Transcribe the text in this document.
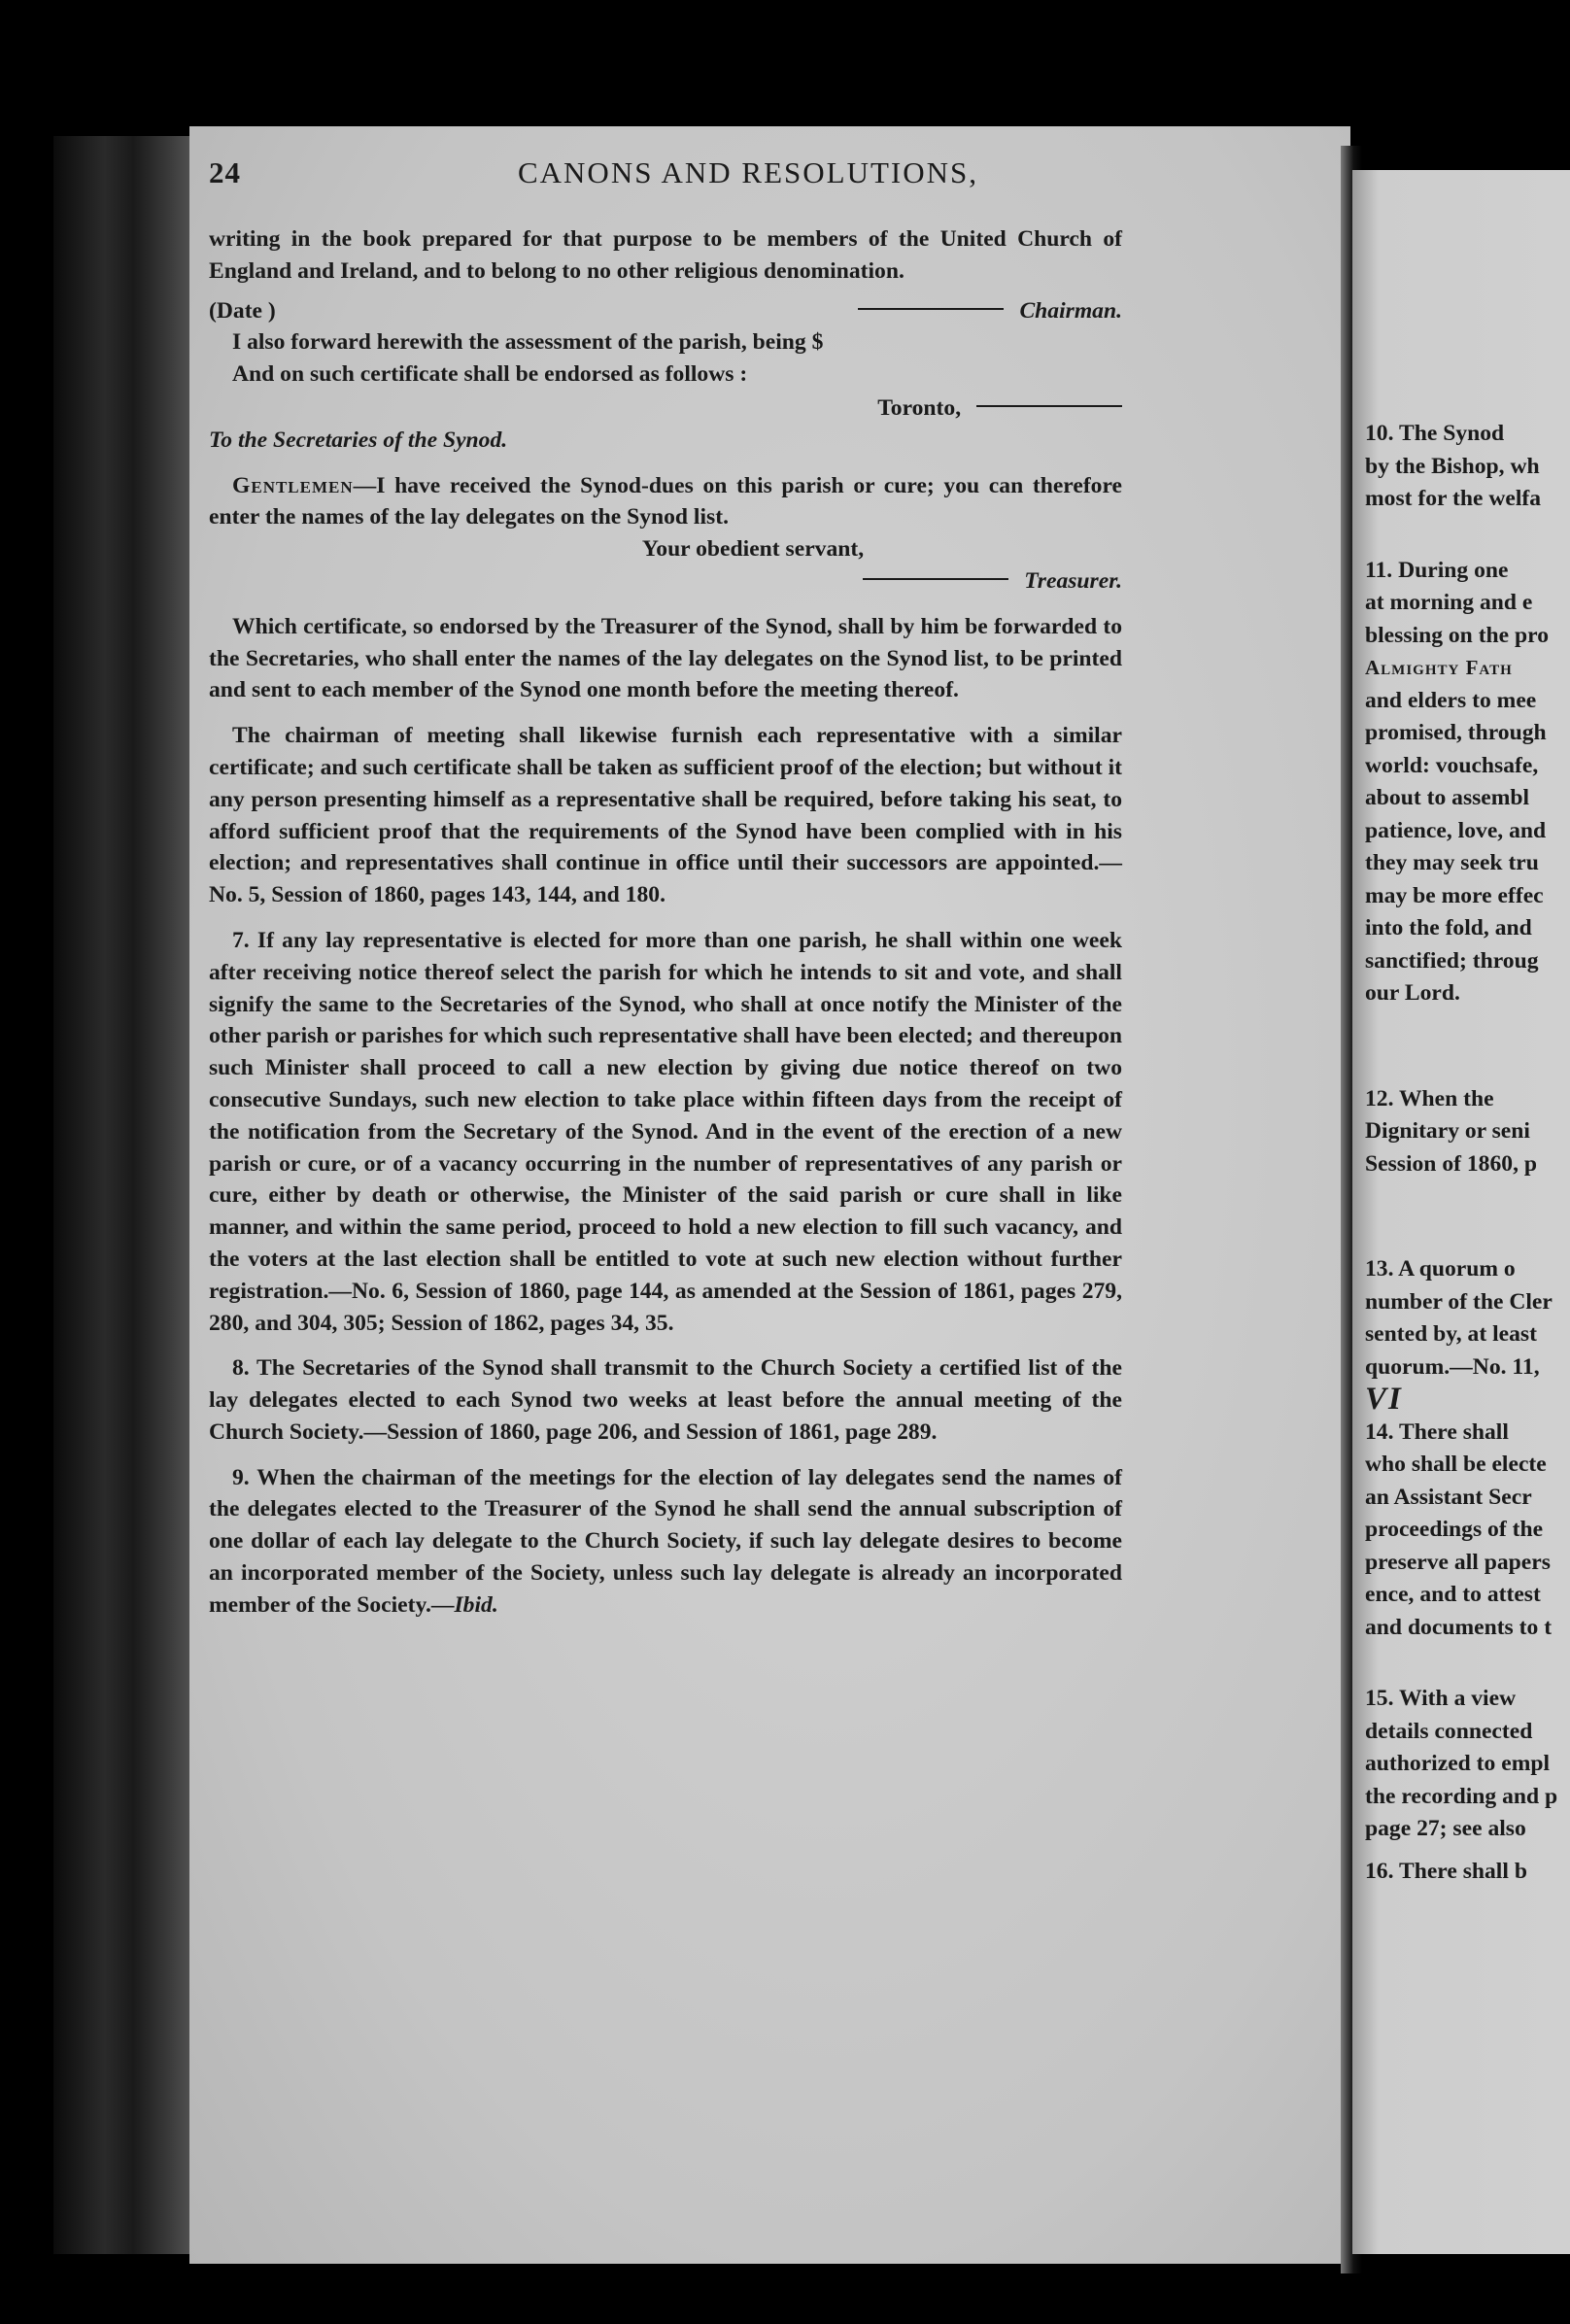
24	CANONS AND RESOLUTIONS,

writing in the book prepared for that purpose to be members of the United Church of England and Ireland, and to belong to no other religious denomination.

(Date )	Chairman.

I also forward herewith the assessment of the parish, being $

And on such certificate shall be endorsed as follows :

Toronto,

To the Secretaries of the Synod.

Gentlemen—I have received the Synod-dues on this parish or cure; you can therefore enter the names of the lay delegates on the Synod list.

Your obedient servant,

Treasurer.

Which certificate, so endorsed by the Treasurer of the Synod, shall by him be forwarded to the Secretaries, who shall enter the names of the lay delegates on the Synod list, to be printed and sent to each member of the Synod one month before the meeting thereof.

The chairman of meeting shall likewise furnish each representative with a similar certificate; and such certificate shall be taken as sufficient proof of the election; but without it any person presenting himself as a representative shall be required, before taking his seat, to afford sufficient proof that the requirements of the Synod have been complied with in his election; and representatives shall continue in office until their successors are appointed.—No. 5, Session of 1860, pages 143, 144, and 180.

7. If any lay representative is elected for more than one parish, he shall within one week after receiving notice thereof select the parish for which he intends to sit and vote, and shall signify the same to the Secretaries of the Synod, who shall at once notify the Minister of the other parish or parishes for which such representative shall have been elected; and thereupon such Minister shall proceed to call a new election by giving due notice thereof on two consecutive Sundays, such new election to take place within fifteen days from the receipt of the notification from the Secretary of the Synod. And in the event of the erection of a new parish or cure, or of a vacancy occurring in the number of representatives of any parish or cure, either by death or otherwise, the Minister of the said parish or cure shall in like manner, and within the same period, proceed to hold a new election to fill such vacancy, and the voters at the last election shall be entitled to vote at such new election without further registration.—No. 6, Session of 1860, page 144, as amended at the Session of 1861, pages 279, 280, and 304, 305; Session of 1862, pages 34, 35.

8. The Secretaries of the Synod shall transmit to the Church Society a certified list of the lay delegates elected to each Synod two weeks at least before the annual meeting of the Church Society.—Session of 1860, page 206, and Session of 1861, page 289.

9. When the chairman of the meetings for the election of lay delegates send the names of the delegates elected to the Treasurer of the Synod he shall send the annual subscription of one dollar of each lay delegate to the Church Society, if such lay delegate desires to become an incorporated member of the Society, unless such lay delegate is already an incorporated member of the Society.—Ibid.

10. The Synod

by the Bishop, wh

most for the welfa

11. During one

at morning and e

blessing on the pro

Almighty Fath

and elders to mee

promised, through

world: vouchsafe,

about to assembl

patience, love, and

they may seek tru

may be more effec

into the fold, and

sanctified; throug

our Lord.

12. When the

Dignitary or seni

Session of 1860, p

13. A quorum o

number of the Cler

sented by, at least

quorum.—No. 11,

VI

14. There shall

who shall be electe

an Assistant Secr

proceedings of the

preserve all papers

ence, and to attest

and documents to t

15. With a view

details connected

authorized to empl

the recording and p

page 27; see also

16. There shall b
